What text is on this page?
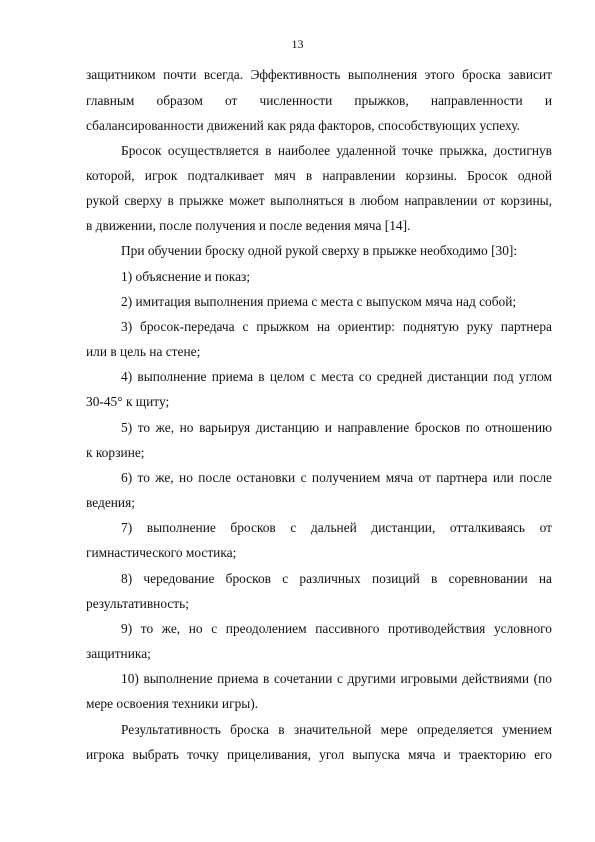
13
защитником почти всегда. Эффективность выполнения этого броска зависит
главным образом от численности прыжков, направленности и
сбалансированности движений как ряда факторов, способствующих успеху.
Бросок осуществляется в наиболее удаленной точке прыжка, достигнув
которой, игрок подталкивает мяч в направлении корзины. Бросок одной
рукой сверху в прыжке может выполняться в любом направлении от корзины,
в движении, после получения и после ведения мяча [14].
При обучении броску одной рукой сверху в прыжке необходимо [30]:
1) объяснение и показ;
2) имитация выполнения приема с места с выпуском мяча над собой;
3) бросок-передача с прыжком на ориентир: поднятую руку партнера
или в цель на стене;
4) выполнение приема в целом с места со средней дистанции под углом
30-45° к щиту;
5) то же, но варьируя дистанцию и направление бросков по отношению
к корзине;
6) то же, но после остановки с получением мяча от партнера или после
ведения;
7) выполнение бросков с дальней дистанции, отталкиваясь от
гимнастического мостика;
8) чередование бросков с различных позиций в соревновании на
результативность;
9) то же, но с преодолением пассивного противодействия условного
защитника;
10) выполнение приема в сочетании с другими игровыми действиями (по
мере освоения техники игры).
Результативность броска в значительной мере определяется умением
игрока выбрать точку прицеливания, угол выпуска мяча и траекторию его
